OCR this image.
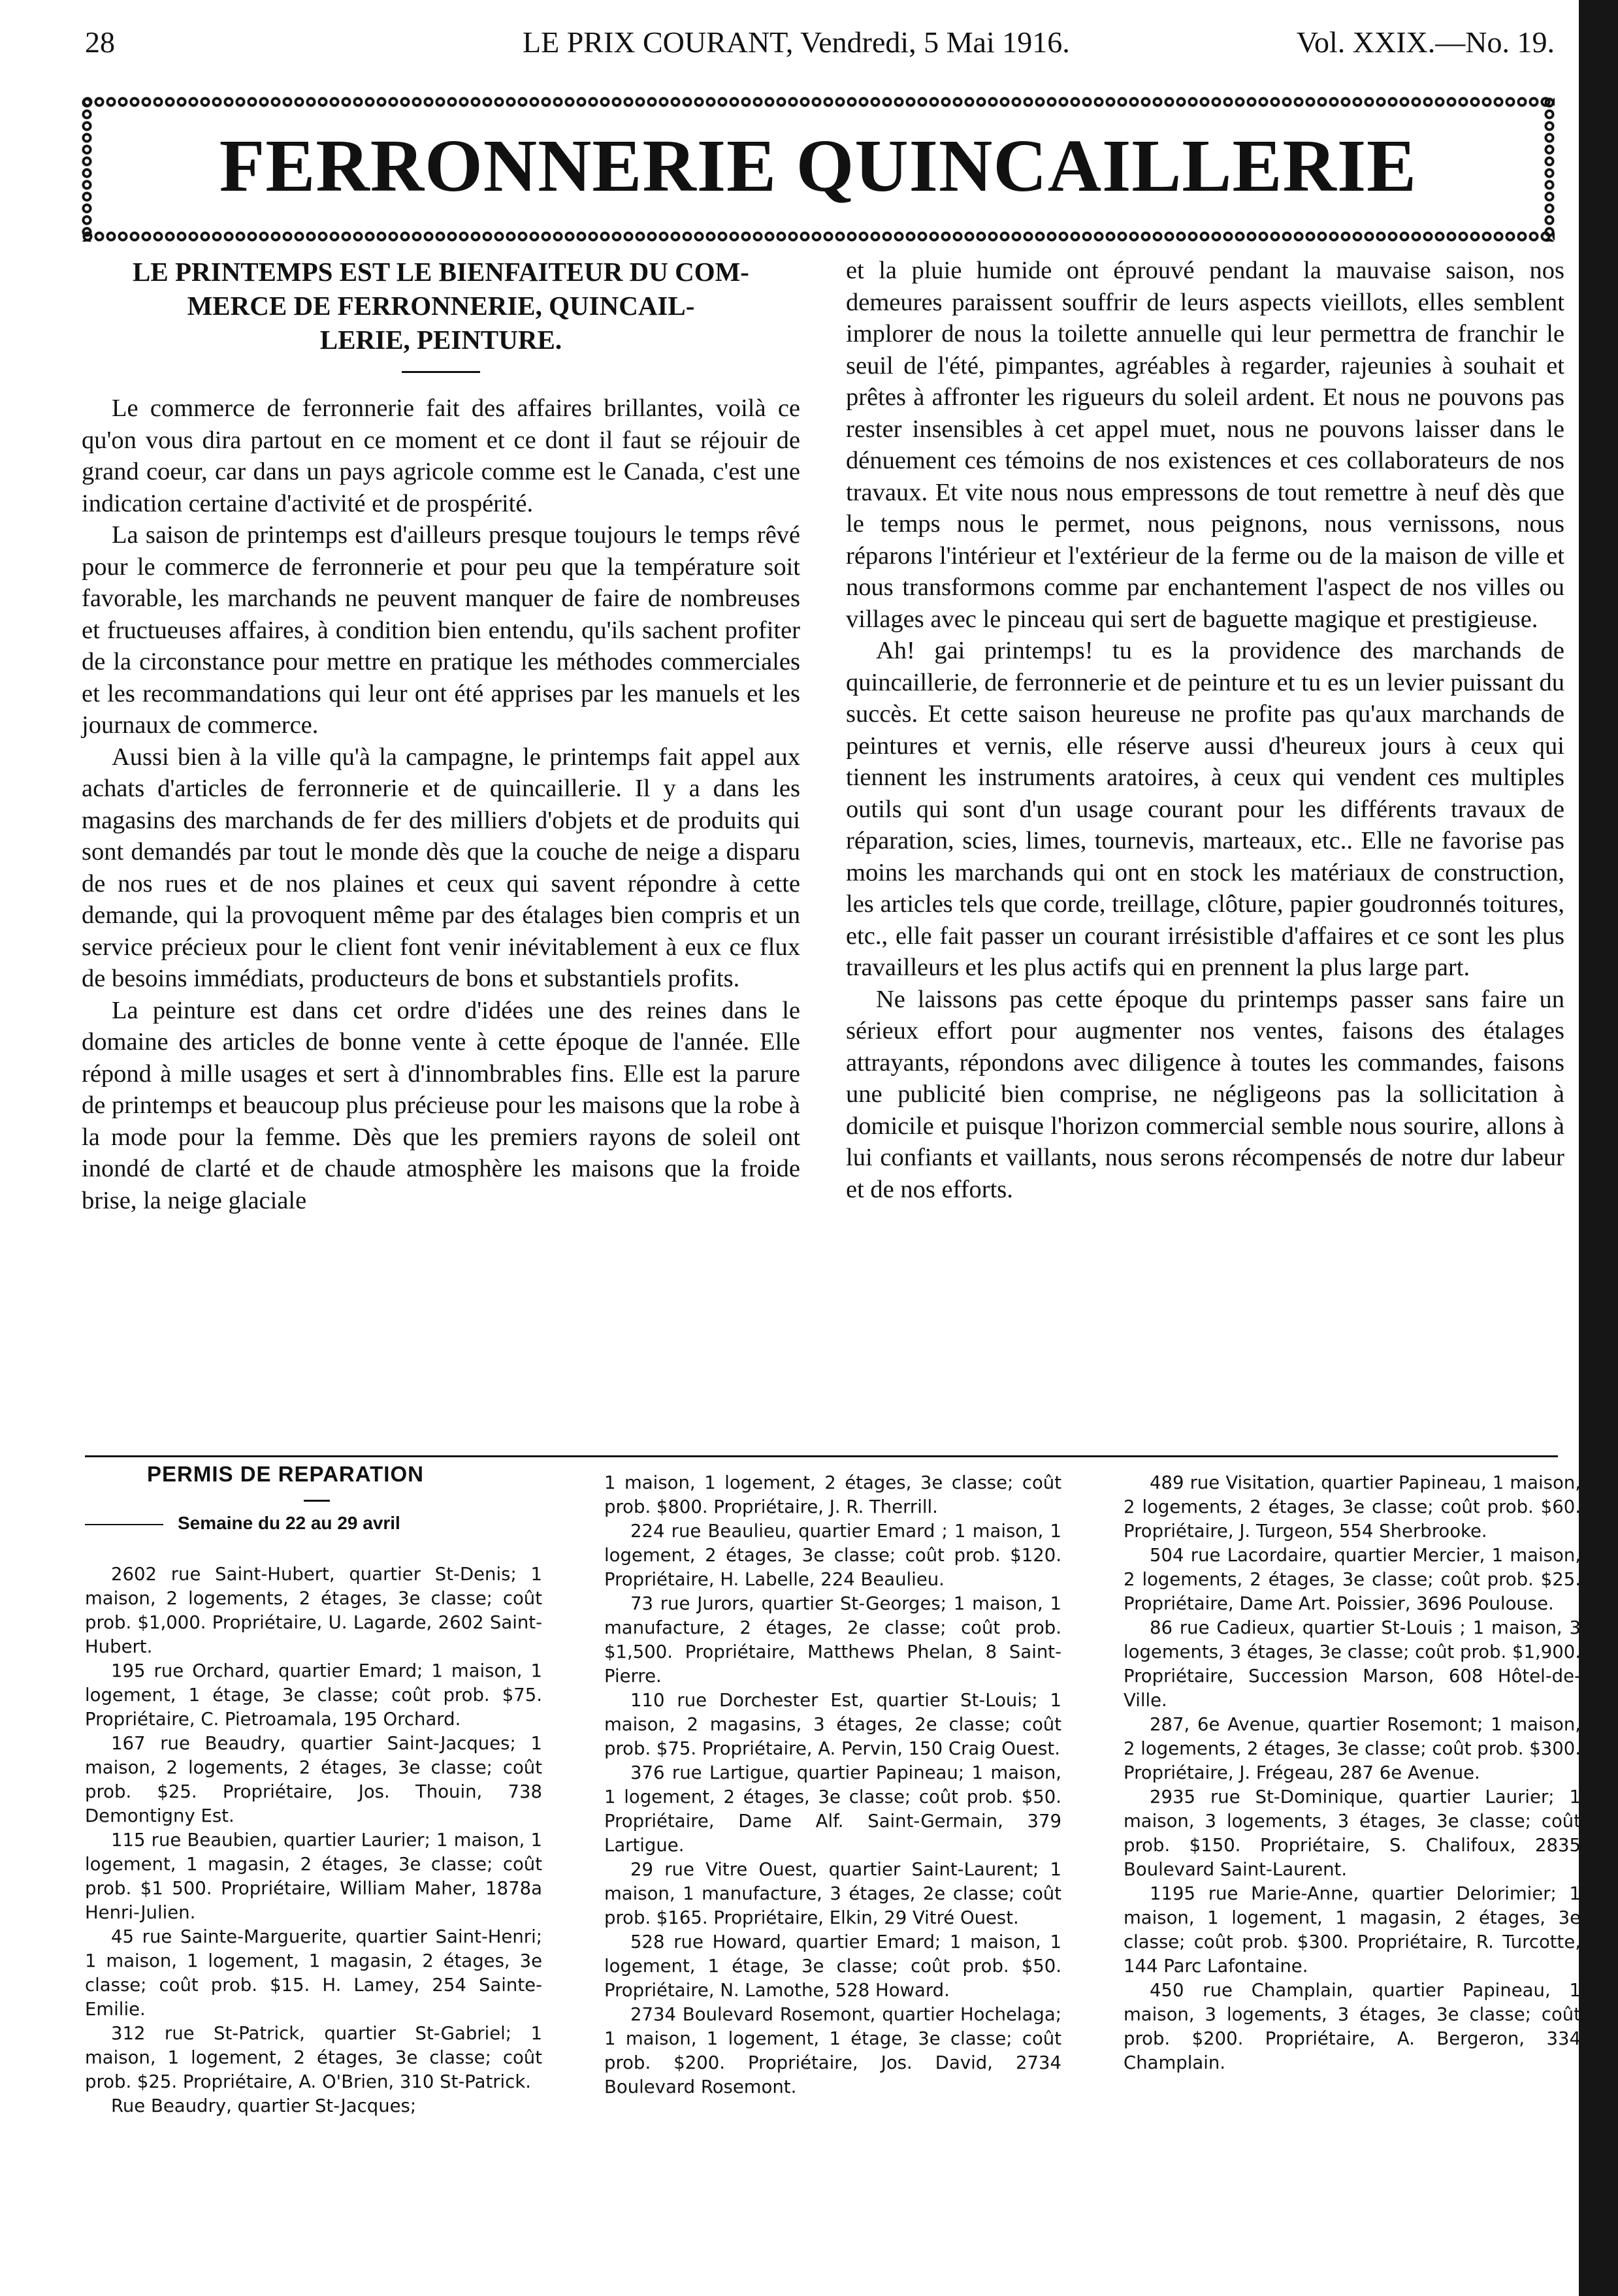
28	LE PRIX COURANT, Vendredi, 5 Mai 1916.	Vol. XXIX.—No. 19.
FERRONNERIE QUINCAILLERIE
LE PRINTEMPS EST LE BIENFAITEUR DU COM-
MERCE DE FERRONNERIE, QUINCAIL-
LERIE, PEINTURE.

Le commerce de ferronnerie fait des affaires brillantes, voilà ce qu'on vous dira partout en ce moment et ce dont il faut se réjouir de grand coeur, car dans un pays agricole comme est le Canada, c'est une indication certaine d'activité et de prospérité.

La saison de printemps est d'ailleurs presque toujours le temps rêvé pour le commerce de ferronnerie et pour peu que la température soit favorable, les marchands ne peuvent manquer de faire de nombreuses et fructueuses affaires, à condition bien entendu, qu'ils sachent profiter de la circonstance pour mettre en pratique les méthodes commerciales et les recommandations qui leur ont été apprises par les manuels et les journaux de commerce.

Aussi bien à la ville qu'à la campagne, le printemps fait appel aux achats d'articles de ferronnerie et de quincaillerie. Il y a dans les magasins des marchands de fer des milliers d'objets et de produits qui sont demandés par tout le monde dès que la couche de neige a disparu de nos rues et de nos plaines et ceux qui savent répondre à cette demande, qui la provoquent même par des étalages bien compris et un service précieux pour le client font venir inévitablement à eux ce flux de besoins immédiats, producteurs de bons et substantiels profits.

La peinture est dans cet ordre d'idées une des reines dans le domaine des articles de bonne vente à cette époque de l'année. Elle répond à mille usages et sert à d'innombrables fins. Elle est la parure de printemps et beaucoup plus précieuse pour les maisons que la robe à la mode pour la femme. Dès que les premiers rayons de soleil ont inondé de clarté et de chaude atmosphère les maisons que la froide brise, la neige glaciale

et la pluie humide ont éprouvé pendant la mauvaise saison, nos demeures paraissent souffrir de leurs aspects vieillots, elles semblent implorer de nous la toilette annuelle qui leur permettra de franchir le seuil de l'été, pimpantes, agréables à regarder, rajeunies à souhait et prêtes à affronter les rigueurs du soleil ardent. Et nous ne pouvons pas rester insensibles à cet appel muet, nous ne pouvons laisser dans le dénuement ces témoins de nos existences et ces collaborateurs de nos travaux. Et vite nous nous empressons de tout remettre à neuf dès que le temps nous le permet, nous peignons, nous vernissons, nous réparons l'intérieur et l'extérieur de la ferme ou de la maison de ville et nous transformons comme par enchantement l'aspect de nos villes ou villages avec le pinceau qui sert de baguette magique et prestigieuse.

Ah! gai printemps! tu es la providence des marchands de quincaillerie, de ferronnerie et de peinture et tu es un levier puissant du succès. Et cette saison heureuse ne profite pas qu'aux marchands de peintures et vernis, elle réserve aussi d'heureux jours à ceux qui tiennent les instruments aratoires, à ceux qui vendent ces multiples outils qui sont d'un usage courant pour les différents travaux de réparation, scies, limes, tournevis, marteaux, etc.. Elle ne favorise pas moins les marchands qui ont en stock les matériaux de construction, les articles tels que corde, treillage, clôture, papier goudronnés toitures, etc., elle fait passer un courant irrésistible d'affaires et ce sont les plus travailleurs et les plus actifs qui en prennent la plus large part.

Ne laissons pas cette époque du printemps passer sans faire un sérieux effort pour augmenter nos ventes, faisons des étalages attrayants, répondons avec diligence à toutes les commandes, faisons une publicité bien comprise, ne négligeons pas la sollicitation à domicile et puisque l'horizon commercial semble nous sourire, allons à lui confiants et vaillants, nous serons récompensés de notre dur labeur et de nos efforts.

PERMIS DE REPARATION
Semaine du 22 au 29 avril

2602 rue Saint-Hubert, quartier St-Denis; 1 maison, 2 logements, 2 étages, 3e classe; coût prob. $1,000. Propriétaire, U. Lagarde, 2602 Saint-Hubert.

195 rue Orchard, quartier Emard; 1 maison, 1 logement, 1 étage, 3e classe; coût prob. $75. Propriétaire, C. Pietroamala, 195 Orchard.

167 rue Beaudry, quartier Saint-Jacques; 1 maison, 2 logements, 2 étages, 3e classe; coût prob. $25. Propriétaire, Jos. Thouin, 738 Demontigny Est.

115 rue Beaubien, quartier Laurier; 1 maison, 1 logement, 1 magasin, 2 étages, 3e classe; coût prob. $1 500. Propriétaire, William Maher, 1878a Henri-Julien.

45 rue Sainte-Marguerite, quartier Saint-Henri; 1 maison, 1 logement, 1 magasin, 2 étages, 3e classe; coût prob. $15. H. Lamey, 254 Sainte-Emilie.

312 rue St-Patrick, quartier St-Gabriel; 1 maison, 1 logement, 2 étages, 3e classe; coût prob. $25. Propriétaire, A. O'Brien, 310 St-Patrick.

Rue Beaudry, quartier St-Jacques;

1 maison, 1 logement, 2 étages, 3e classe; coût prob. $800. Propriétaire, J. R. Therrill.

224 rue Beaulieu, quartier Emard ; 1 maison, 1 logement, 2 étages, 3e classe; coût prob. $120. Propriétaire, H. Labelle, 224 Beaulieu.

73 rue Jurors, quartier St-Georges; 1 maison, 1 manufacture, 2 étages, 2e classe; coût prob. $1,500. Propriétaire, Matthews Phelan, 8 Saint-Pierre.

110 rue Dorchester Est, quartier St-Louis; 1 maison, 2 magasins, 3 étages, 2e classe; coût prob. $75. Propriétaire, A. Pervin, 150 Craig Ouest.

376 rue Lartigue, quartier Papineau; 1 maison, 1 logement, 2 étages, 3e classe; coût prob. $50. Propriétaire, Dame Alf. Saint-Germain, 379 Lartigue.

29 rue Vitre Ouest, quartier Saint-Laurent; 1 maison, 1 manufacture, 3 étages, 2e classe; coût prob. $165. Propriétaire, Elkin, 29 Vitré Ouest.

528 rue Howard, quartier Emard; 1 maison, 1 logement, 1 étage, 3e classe; coût prob. $50. Propriétaire, N. Lamothe, 528 Howard.

2734 Boulevard Rosemont, quartier Hochelaga; 1 maison, 1 logement, 1 étage, 3e classe; coût prob. $200. Propriétaire, Jos. David, 2734 Boulevard Rosemont.

489 rue Visitation, quartier Papineau, 1 maison, 2 logements, 2 étages, 3e classe; coût prob. $60. Propriétaire, J. Turgeon, 554 Sherbrooke.

504 rue Lacordaire, quartier Mercier, 1 maison, 2 logements, 2 étages, 3e classe; coût prob. $25. Propriétaire, Dame Art. Poissier, 3696 Poulouse.

86 rue Cadieux, quartier St-Louis ; 1 maison, 3 logements, 3 étages, 3e classe; coût prob. $1,900. Propriétaire, Succession Marson, 608 Hôtel-de-Ville.

287, 6e Avenue, quartier Rosemont; 1 maison, 2 logements, 2 étages, 3e classe; coût prob. $300. Propriétaire, J. Frégeau, 287 6e Avenue.

2935 rue St-Dominique, quartier Laurier; 1 maison, 3 logements, 3 étages, 3e classe; coût prob. $150. Propriétaire, S. Chalifoux, 2835 Boulevard Saint-Laurent.

1195 rue Marie-Anne, quartier Delorimier; 1 maison, 1 logement, 1 magasin, 2 étages, 3e classe; coût prob. $300. Propriétaire, R. Turcotte, 144 Parc Lafontaine.

450 rue Champlain, quartier Papineau, 1 maison, 3 logements, 3 étages, 3e classe; coût prob. $200. Propriétaire, A. Bergeron, 334 Champlain.
